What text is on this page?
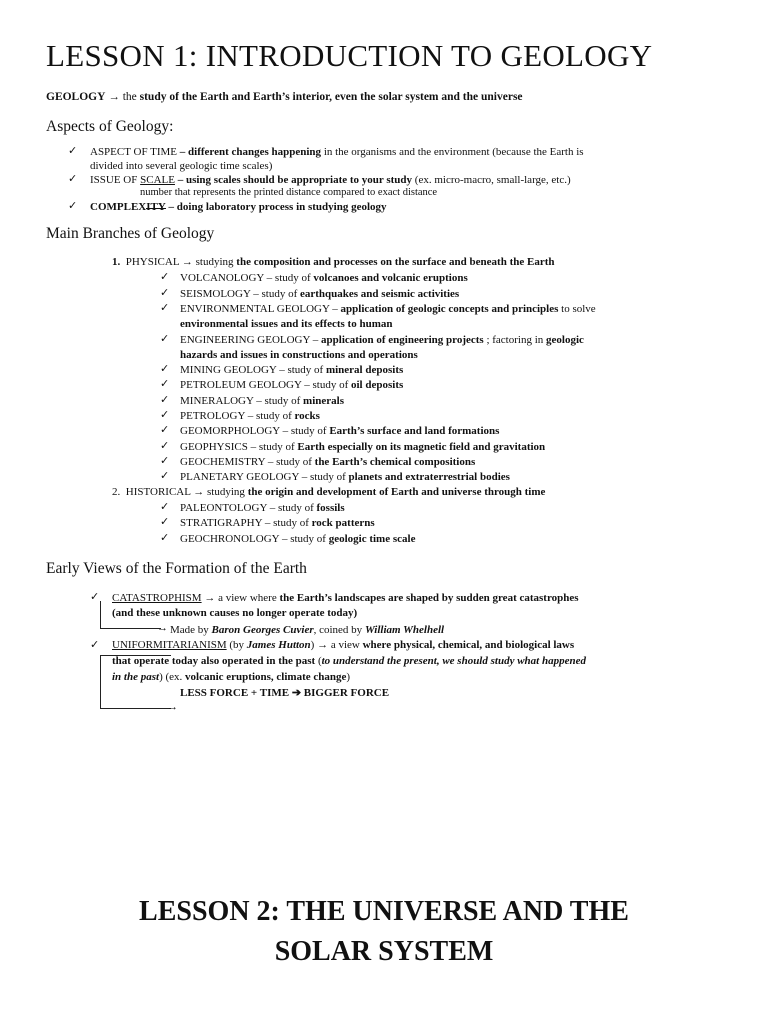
LESSON 1: INTRODUCTION TO GEOLOGY
GEOLOGY → the study of the Earth and Earth’s interior, even the solar system and the universe
Aspects of Geology:
✓ ASPECT OF TIME – different changes happening in the organisms and the environment (because the Earth is
divided into several geologic time scales)
✓ ISSUE OF SCALE – using scales should be appropriate to your study (ex. micro-macro, small-large, etc.)
number that represents the printed distance compared to exact distance
✓ COMPLEXITY – doing laboratory process in studying geology
Main Branches of Geology
1. PHYSICAL → studying the composition and processes on the surface and beneath the Earth
✓ VOLCANOLOGY – study of volcanoes and volcanic eruptions
✓ SEISMOLOGY – study of earthquakes and seismic activities
✓ ENVIRONMENTAL GEOLOGY – application of geologic concepts and principles to solve
environmental issues and its effects to human
✓ ENGINEERING GEOLOGY – application of engineering projects ; factoring in geologic
hazards and issues in constructions and operations
✓ MINING GEOLOGY – study of mineral deposits
✓ PETROLEUM GEOLOGY – study of oil deposits
✓ MINERALOGY – study of minerals
✓ PETROLOGY – study of rocks
✓ GEOMORPHOLOGY – study of Earth’s surface and land formations
✓ GEOPHYSICS – study of Earth especially on its magnetic field and gravitation
✓ GEOCHEMISTRY – study of the Earth’s chemical compositions
✓ PLANETARY GEOLOGY – study of planets and extraterrestrial bodies
2. HISTORICAL → studying the origin and development of Earth and universe through time
✓ PALEONTOLOGY – study of fossils
✓ STRATIGRAPHY – study of rock patterns
✓ GEOCHRONOLOGY – study of geologic time scale
Early Views of the Formation of the Earth
✓ CATASTROPHISM → a view where the Earth’s landscapes are shaped by sudden great catastrophes
(and these unknown causes no longer operate today)
→ Made by Baron Georges Cuvier, coined by William Whelhell
✓ UNIFORMITARIANISM (by James Hutton) → a view where physical, chemical, and biological laws
that operate today also operated in the past (to understand the present, we should study what happened
in the past) (ex. volcanic eruptions, climate change)
LESS FORCE + TIME ➔ BIGGER FORCE
→
LESSON 2: THE UNIVERSE AND THE
SOLAR SYSTEM
